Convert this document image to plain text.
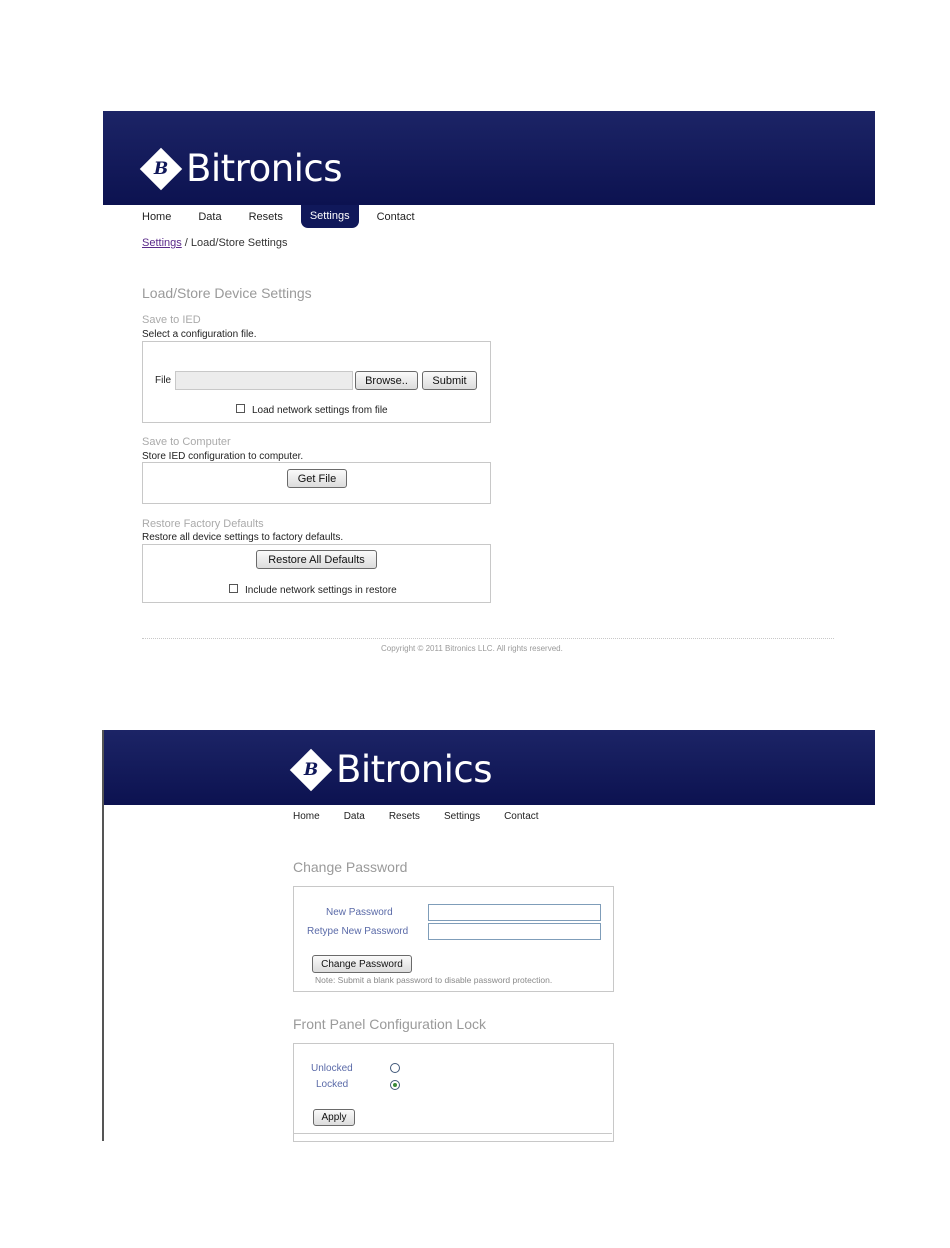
B Bitronics
Home Data Resets	Settings	Contact
Settings / Load/Store Settings
Load/Store Device Settings
Save to IED
Select a configuration file.
File	Browse..	Submit
Load network settings from file
Save to Computer
Store IED configuration to computer.
Get File
Restore Factory Defaults
Restore all device settings to factory defaults.
Restore All Defaults
Include network settings in restore
Copyright © 2011 Bitronics LLC. All rights reserved.
B Bitronics
Home Data Resets Settings Contact
Change Password
New Password
Retype New Password
Change Password
Note: Submit a blank password to disable password protection.
Front Panel Configuration Lock
Unlocked
Locked
Apply
